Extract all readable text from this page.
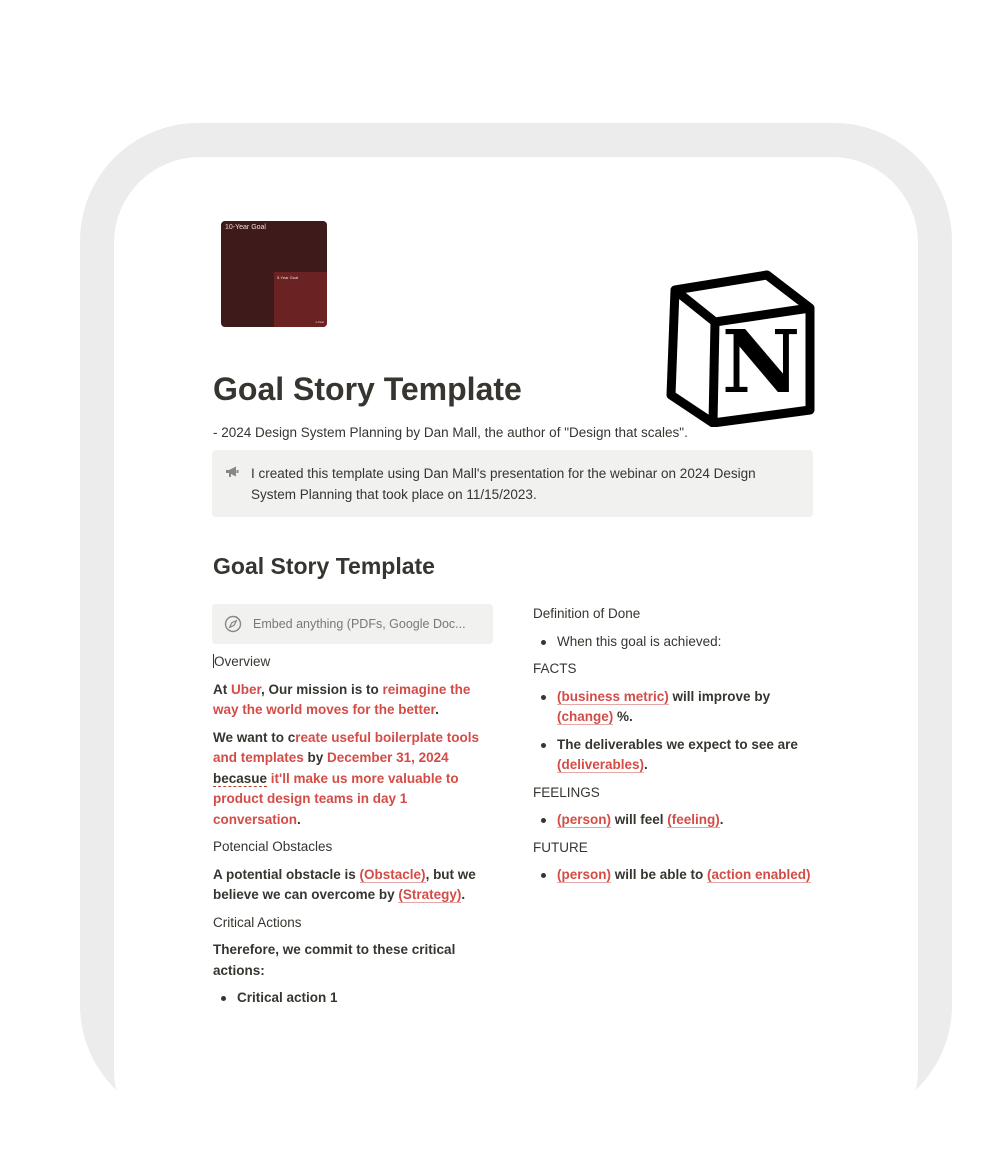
10-Year Goal
5-Year Goal
1-Year	N
Goal Story Template
- 2024 Design System Planning by Dan Mall, the author of "Design that scales".
I created this template using Dan Mall's presentation for the webinar on 2024 Design System Planning that took place on 11/15/2023.
Goal Story Template
Embed anything (PDFs, Google Doc...

Overview

At Uber, Our mission is to reimagine the way the world moves for the better.

We want to create useful boilerplate tools and templates by December 31, 2024 becasue it'll make us more valuable to product design teams in day 1 conversation.

Potencial Obstacles

A potential obstacle is (Obstacle), but we believe we can overcome by (Strategy).

Critical Actions

Therefore, we commit to these critical actions:

Critical action 1

Definition of Done

When this goal is achieved:

FACTS

(business metric) will improve by (change) %.

The deliverables we expect to see are (deliverables).

FEELINGS

(person) will feel (feeling).

FUTURE

(person) will be able to (action enabled)
